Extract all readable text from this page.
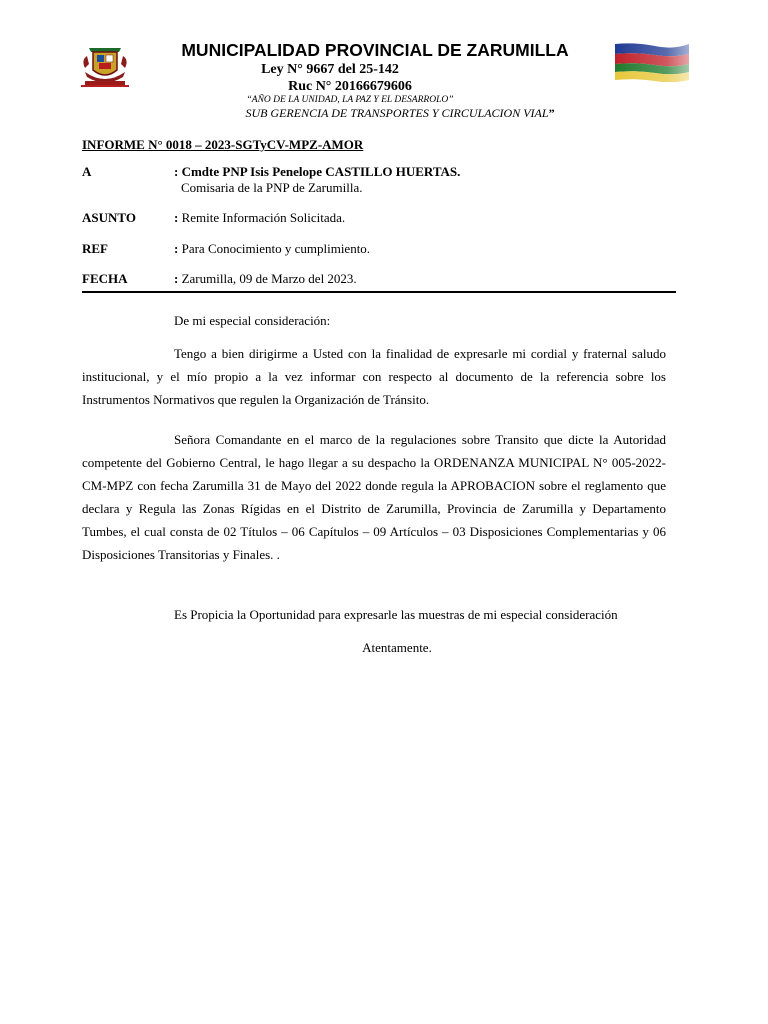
MUNICIPALIDAD PROVINCIAL DE ZARUMILLA
Ley N° 9667 del 25-142
Ruc N° 20166679606
“AÑO DE LA UNIDAD, LA PAZ Y EL DESARROLO”
SUB GERENCIA DE TRANSPORTES Y CIRCULACION VIAL”
INFORME N° 0018 – 2023-SGTyCV-MPZ-AMOR
A	: Cmdte PNP Isis Penelope CASTILLO HUERTAS.
Comisaria de la PNP de Zarumilla.
ASUNTO	: Remite Información Solicitada.
REF	: Para Conocimiento y cumplimiento.
FECHA	: Zarumilla, 09 de Marzo del 2023.
De mi especial consideración:
Tengo a bien dirigirme a Usted con la finalidad de expresarle mi cordial y fraternal saludo institucional, y el mío propio a la vez informar con respecto al documento de la referencia sobre los Instrumentos Normativos que regulen la Organización de Tránsito.
Señora Comandante en el marco de la regulaciones sobre Transito que dicte la Autoridad competente del Gobierno Central, le hago llegar a su despacho la ORDENANZA MUNICIPAL N° 005-2022-CM-MPZ con fecha Zarumilla 31 de Mayo del 2022 donde regula la APROBACION sobre el reglamento que declara y Regula las Zonas Rígidas en el Distrito de Zarumilla, Provincia de Zarumilla y Departamento Tumbes, el cual consta de 02 Títulos – 06 Capítulos – 09 Artículos – 03 Disposiciones Complementarias y 06 Disposiciones Transitorias y Finales. .
Es Propicia la Oportunidad para expresarle las muestras de mi especial consideración
Atentamente.
